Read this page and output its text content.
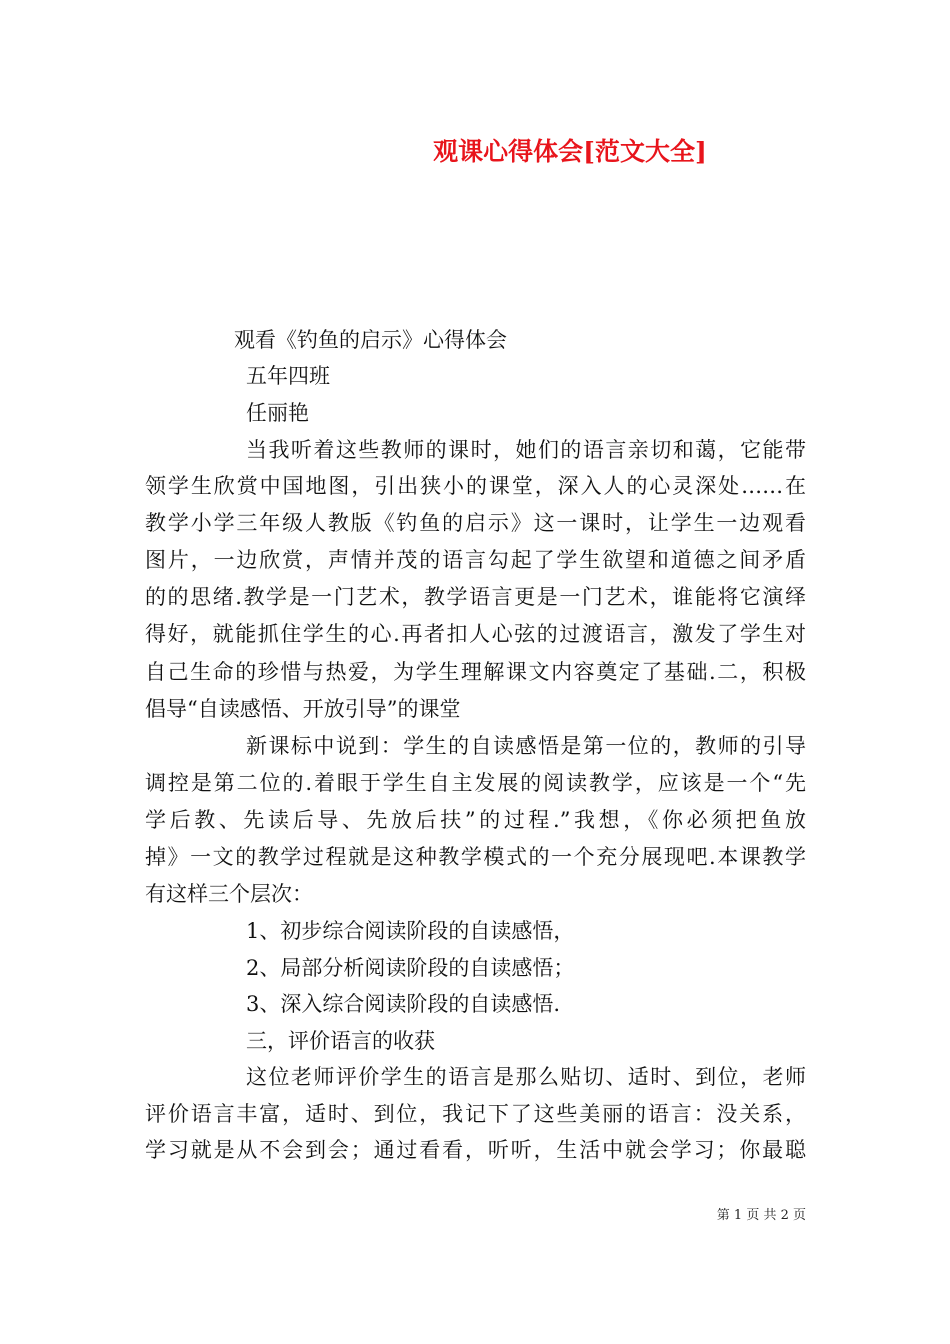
观课心得体会[范文大全]
观看《钓鱼的启示》心得体会
五年四班
任丽艳
当我听着这些教师的课时，她们的语言亲切和蔼，它能带
领学生欣赏中国地图，引出狭小的课堂，深入人的心灵深处……在
教学小学三年级人教版《钓鱼的启示》这一课时，让学生一边观看
图片，一边欣赏，声情并茂的语言勾起了学生欲望和道德之间矛盾
的的思绪.教学是一门艺术，教学语言更是一门艺术，谁能将它演绎
得好，就能抓住学生的心.再者扣人心弦的过渡语言，激发了学生对
自己生命的珍惜与热爱，为学生理解课文内容奠定了基础.二，积极
倡导“自读感悟、开放引导”的课堂
新课标中说到：学生的自读感悟是第一位的，教师的引导
调控是第二位的.着眼于学生自主发展的阅读教学，应该是一个“先
学后教、先读后导、先放后扶”的过程.”我想，《你必须把鱼放
掉》一文的教学过程就是这种教学模式的一个充分展现吧.本课教学
有这样三个层次：
1、初步综合阅读阶段的自读感悟，
2、局部分析阅读阶段的自读感悟；
3、深入综合阅读阶段的自读感悟.
三，评价语言的收获
这位老师评价学生的语言是那么贴切、适时、到位，老师
评价语言丰富，适时、到位，我记下了这些美丽的语言：没关系，
学习就是从不会到会；通过看看，听听，生活中就会学习；你最聪
第 1 页 共 2 页
